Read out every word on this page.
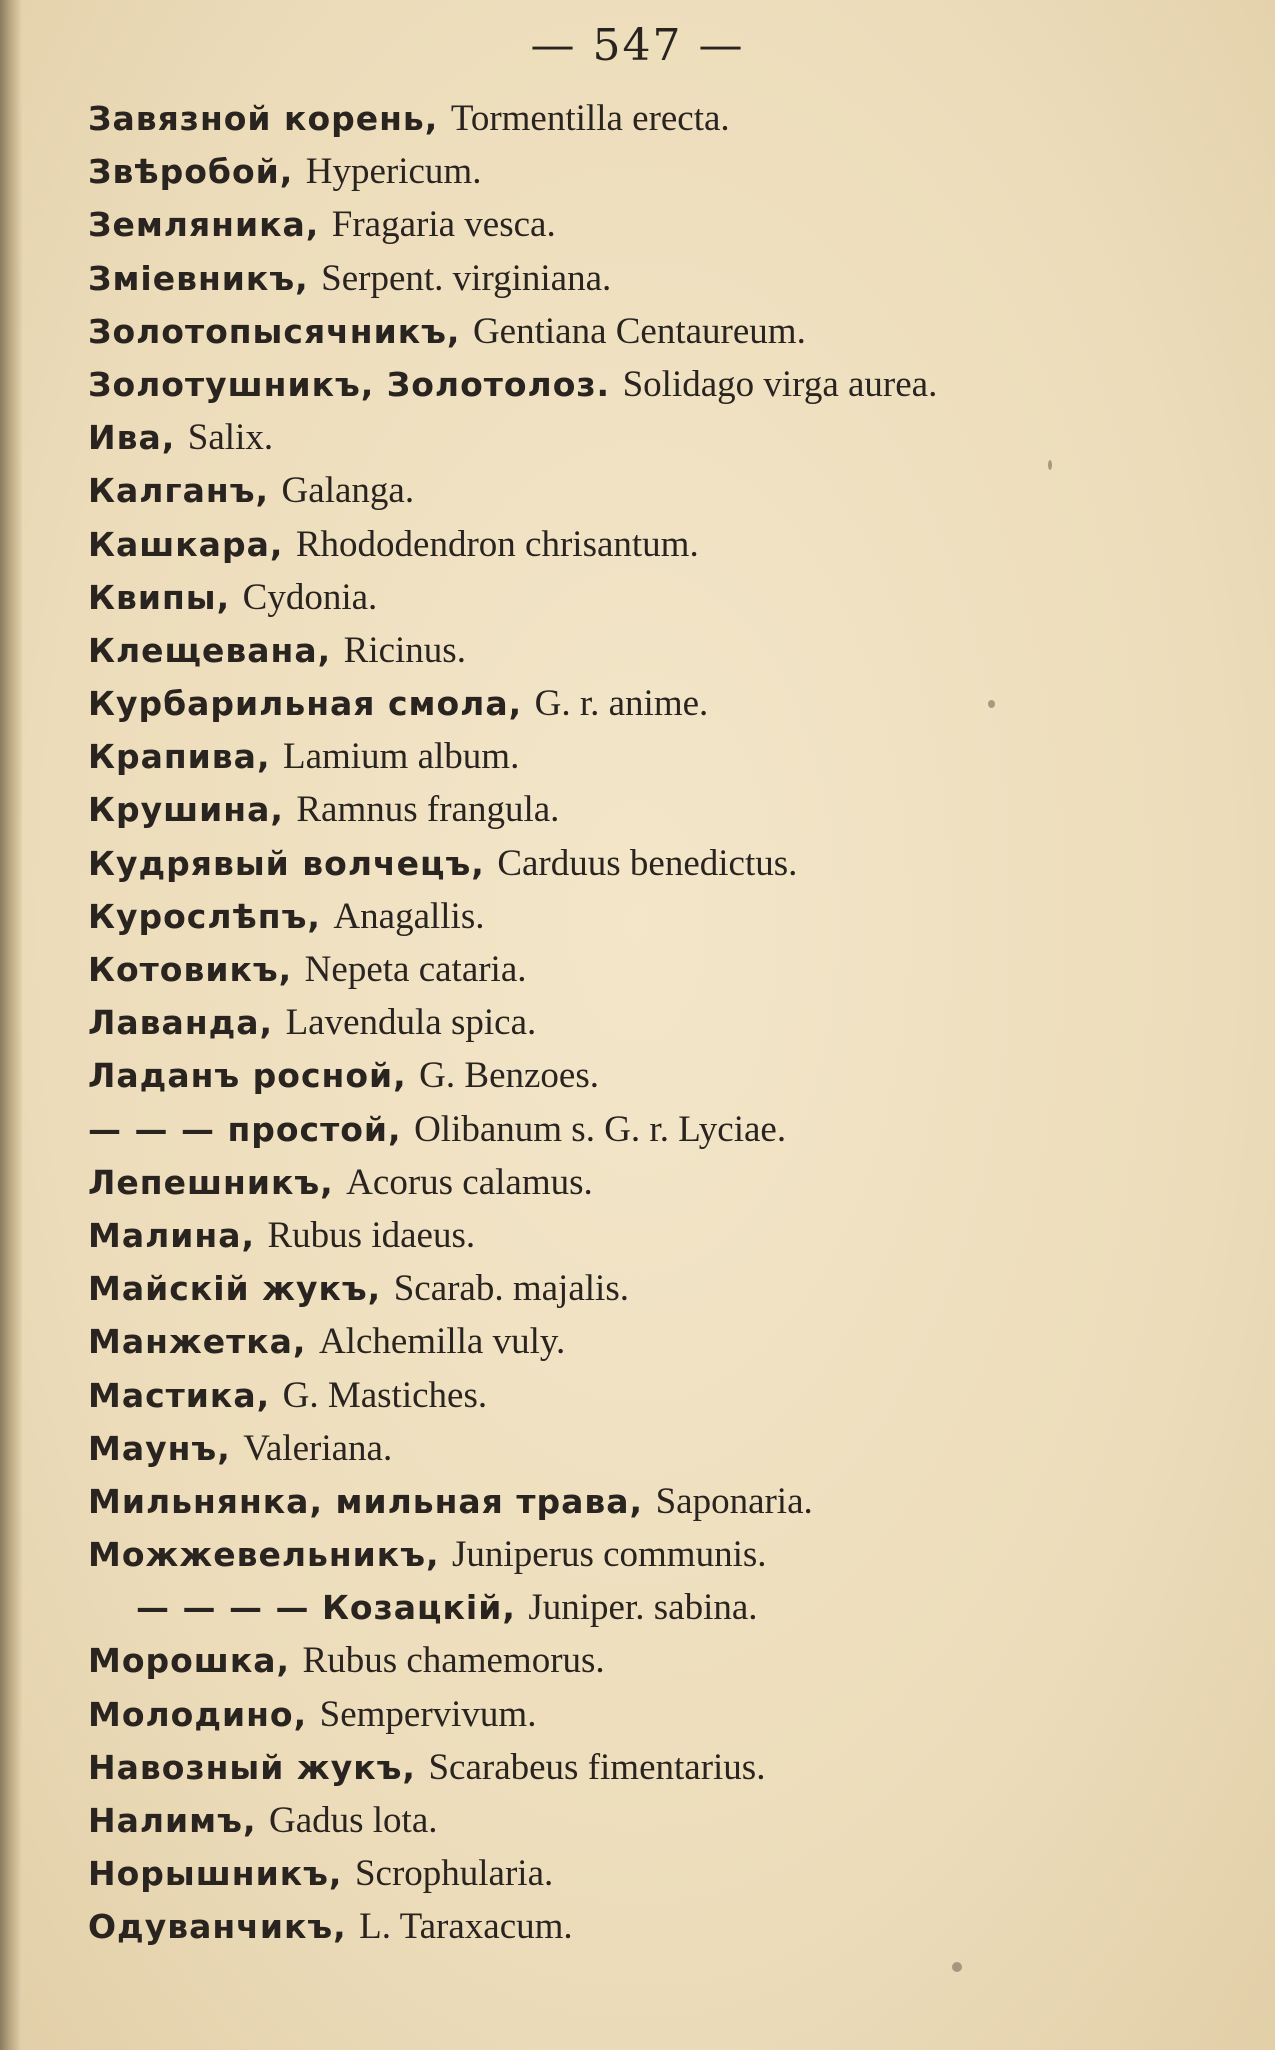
— 547 —
Завязной корень, Tormentilla erecta.
Звѣробой, Hypericum.
Земляника, Fragaria vesca.
Зміевникъ, Serpent. virginiana.
Золотопысячникъ, Gentiana Centaureum.
Золотушникъ, Золотолоз. Solidago virga aurea.
Ива, Salix.
Калганъ, Galanga.
Кашкара, Rhododendron chrisantum.
Квипы, Cydonia.
Клещевана, Ricinus.
Курбарильная смола, G. r. anime.
Крапива, Lamium album.
Крушина, Ramnus frangula.
Кудрявый волчецъ, Carduus benedictus.
Курослѣпъ, Anagallis.
Котовикъ, Nepeta cataria.
Лаванда, Lavendula spica.
Ладанъ росной, G. Benzoes.
— — — простой, Olibanum s. G. r. Lyciae.
Лепешникъ, Acorus calamus.
Малина, Rubus idaeus.
Майскій жукъ, Scarab. majalis.
Манжетка, Alchemilla vuly.
Мастика, G. Mastiches.
Маунъ, Valeriana.
Мильнянка, мильная трава, Saponaria.
Можжевельникъ, Juniperus communis.
— — — — Козацкій, Juniper. sabina.
Морошка, Rubus chamemorus.
Молодино, Sempervivum.
Навозный жукъ, Scarabeus fimentarius.
Налимъ, Gadus lota.
Норышникъ, Scrophularia.
Одуванчикъ, L. Taraxacum.
